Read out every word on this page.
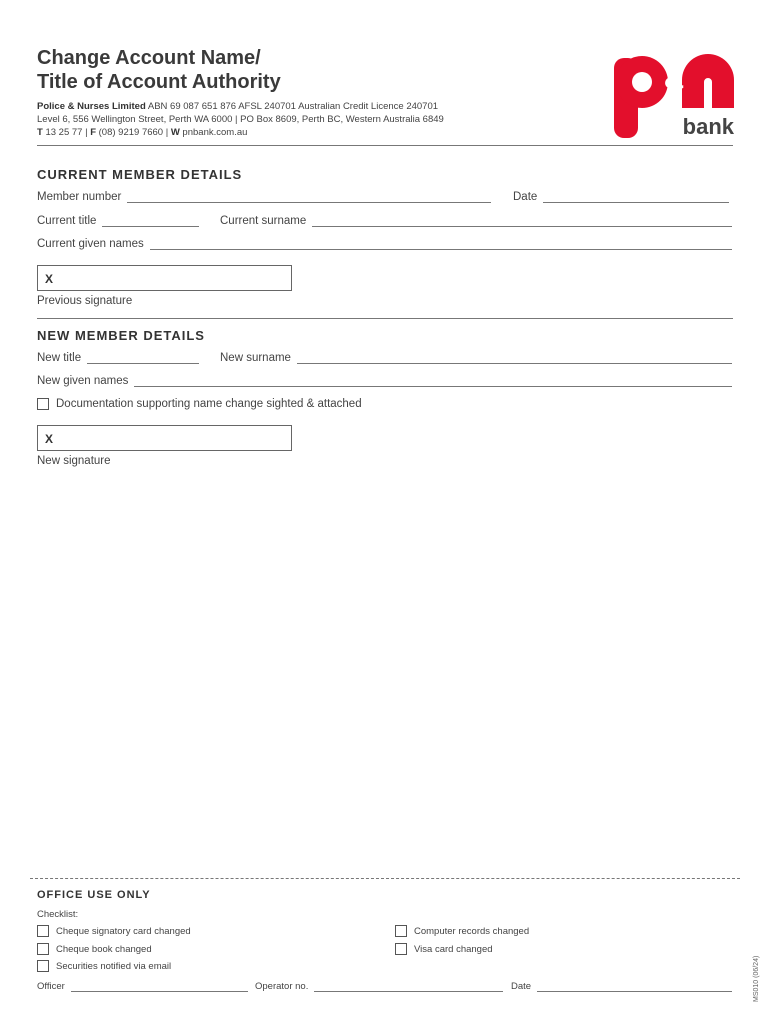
Change Account Name/
Title of Account Authority
Police & Nurses Limited ABN 69 087 651 876 AFSL 240701 Australian Credit Licence 240701
Level 6, 556 Wellington Street, Perth WA 6000 | PO Box 8609, Perth BC, Western Australia 6849
T 13 25 77 | F (08) 9219 7660 | W pnbank.com.au
&
bank
CURRENT MEMBER DETAILS
Member number	Date
Current title	Current surname
Current given names
X
Previous signature
NEW MEMBER DETAILS
New title	New surname
New given names
Documentation supporting name change sighted & attached
X
New signature
OFFICE USE ONLY
Checklist:
Cheque signatory card changed
Cheque book changed
Securities notified via email
Computer records changed
Visa card changed
Officer	Operator no.	Date	MS010 (06/24)
